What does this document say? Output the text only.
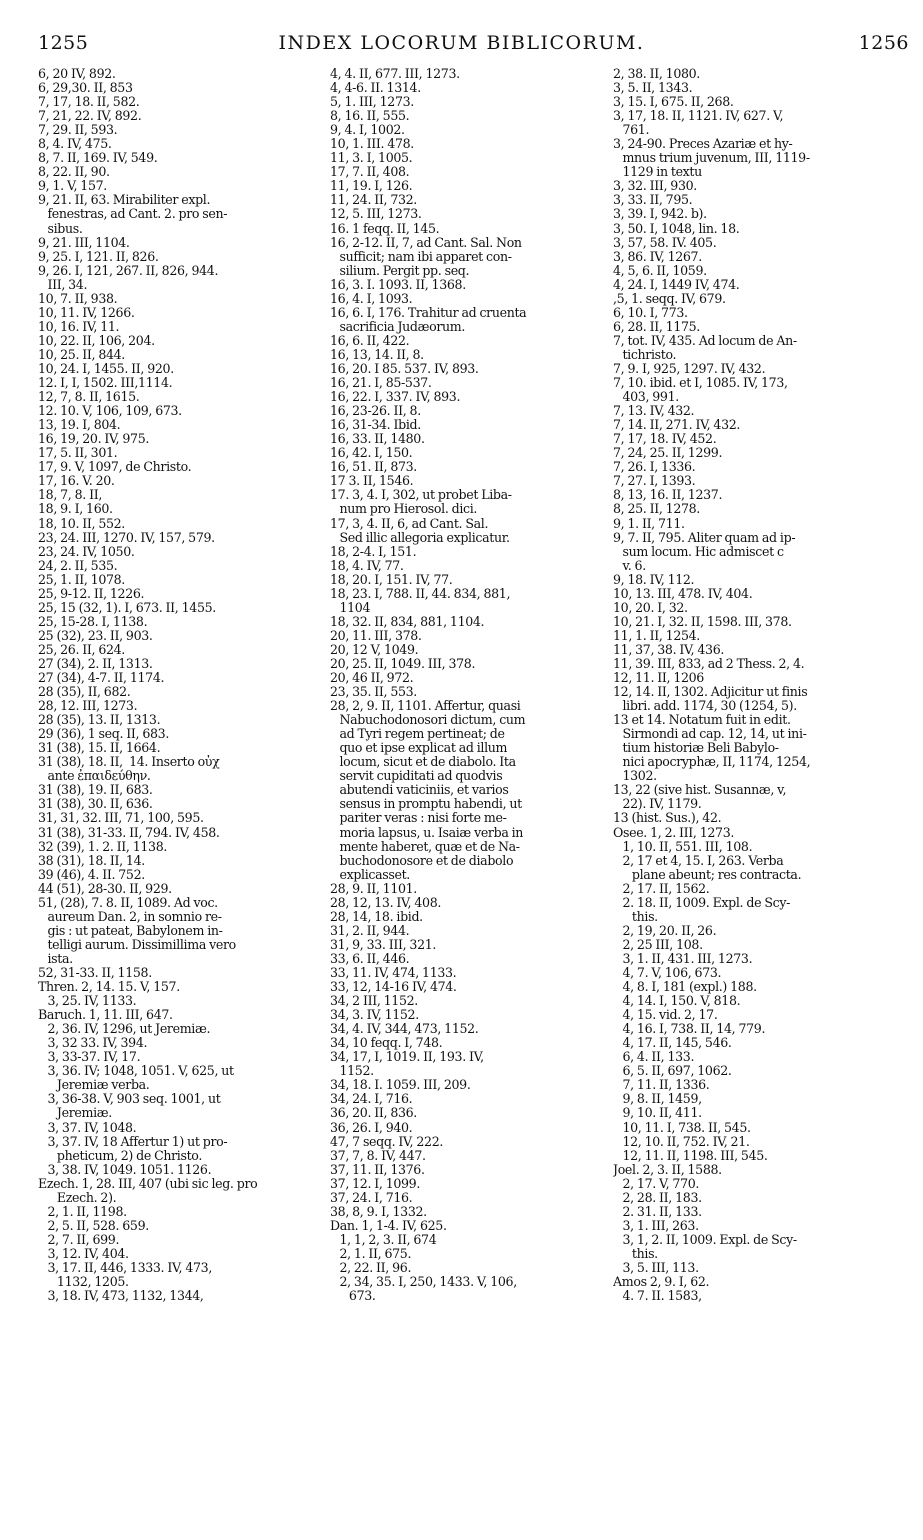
1255	INDEX LOCORUM BIBLICORUM.	1256
6, 20 IV, 892.
6, 29,30. II, 853
7, 17, 18. II, 582.
7, 21, 22. IV, 892.
7, 29. II, 593.
8, 4. IV, 475.
8, 7. II, 169. IV, 549.
8, 22. II, 90.
9, 1. V, 157.
9, 21. II, 63. Mirabiliter expl.
fenestras, ad Cant. 2. pro sen-
sibus.
9, 21. III, 1104.
9, 25. I, 121. II, 826.
9, 26. I, 121, 267. II, 826, 944.
III, 34.
10, 7. II, 938.
10, 11. IV, 1266.
10, 16. IV, 11.
10, 22. II, 106, 204.
10, 25. II, 844.
10, 24. I, 1455. II, 920.
12. I, I, 1502. III,1114.
12, 7, 8. II, 1615.
12. 10. V, 106, 109, 673.
13, 19. I, 804.
16, 19, 20. IV, 975.
17, 5. II, 301.
17, 9. V, 1097, de Christo.
17, 16. V. 20.
18, 7, 8. II,
18, 9. I, 160.
18, 10. II, 552.
23, 24. III, 1270. IV, 157, 579.
23, 24. IV, 1050.
24, 2. II, 535.
25, 1. II, 1078.
25, 9-12. II, 1226.
25, 15 (32, 1). I, 673. II, 1455.
25, 15-28. I, 1138.
25 (32), 23. II, 903.
25, 26. II, 624.
27 (34), 2. II, 1313.
27 (34), 4-7. II, 1174.
28 (35), II, 682.
28, 12. III, 1273.
28 (35), 13. II, 1313.
29 (36), 1 seq. II, 683.
31 (38), 15. II, 1664.
31 (38), 18. II,  14. Inserto οὐχ
ante ἐπαιδεύθην.
31 (38), 19. II, 683.
31 (38), 30. II, 636.
31, 31, 32. III, 71, 100, 595.
31 (38), 31-33. II, 794. IV, 458.
32 (39), 1. 2. II, 1138.
38 (31), 18. II, 14.
39 (46), 4. II. 752.
44 (51), 28-30. II, 929.
51, (28), 7. 8. II, 1089. Ad voc.
aureum Dan. 2, in somnio re-
gis : ut pateat, Babylonem in-
telligi aurum. Dissimillima vero
ista.
52, 31-33. II, 1158.
Thren. 2, 14. 15. V, 157.
3, 25. IV, 1133.
Baruch. 1, 11. III, 647.
2, 36. IV, 1296, ut Jeremiæ.
3, 32 33. IV, 394.
3, 33-37. IV, 17.
3, 36. IV; 1048, 1051. V, 625, ut
Jeremiæ verba.
3, 36-38. V, 903 seq. 1001, ut
Jeremiæ.
3, 37. IV, 1048.
3, 37. IV, 18 Affertur 1) ut pro-
pheticum, 2) de Christo.
3, 38. IV, 1049. 1051. 1126.
Ezech. 1, 28. III, 407 (ubi sic leg. pro
Ezech. 2).
2, 1. II, 1198.
2, 5. II, 528. 659.
2, 7. II, 699.
3, 12. IV, 404.
3, 17. II, 446, 1333. IV, 473,
1132, 1205.
3, 18. IV, 473, 1132, 1344,
4, 4. II, 677. III, 1273.
4, 4-6. II. 1314.
5, 1. III, 1273.
8, 16. II, 555.
9, 4. I, 1002.
10, 1. III. 478.
11, 3. I, 1005.
17, 7. II, 408.
11, 19. I, 126.
11, 24. II, 732.
12, 5. III, 1273.
16. 1 feqq. II, 145.
16, 2-12. II, 7, ad Cant. Sal. Non
sufficit; nam ibi apparet con-
silium. Pergit pp. seq.
16, 3. I. 1093. II, 1368.
16, 4. I, 1093.
16, 6. I, 176. Trahitur ad cruenta
sacrificia Judæorum.
16, 6. II, 422.
16, 13, 14. II, 8.
16, 20. I 85. 537. IV, 893.
16, 21. I, 85-537.
16, 22. I, 337. IV, 893.
16, 23-26. II, 8.
16, 31-34. Ibid.
16, 33. II, 1480.
16, 42. I, 150.
16, 51. II, 873.
17 3. II, 1546.
17. 3, 4. I, 302, ut probet Liba-
num pro Hierosol. dici.
17, 3, 4. II, 6, ad Cant. Sal.
Sed illic allegoria explicatur.
18, 2-4. I, 151.
18, 4. IV, 77.
18, 20. I, 151. IV, 77.
18, 23. I, 788. II, 44. 834, 881,
1104
18, 32. II, 834, 881, 1104.
20, 11. III, 378.
20, 12 V, 1049.
20, 25. II, 1049. III, 378.
20, 46 II, 972.
23, 35. II, 553.
28, 2, 9. II, 1101. Affertur, quasi
Nabuchodonosori dictum, cum
ad Tyri regem pertineat; de
quo et ipse explicat ad illum
locum, sicut et de diabolo. Ita
servit cupiditati ad quodvis
abutendi vaticiniis, et varios
sensus in promptu habendi, ut
pariter veras : nisi forte me-
moria lapsus, u. Isaiæ verba in
mente haberet, quæ et de Na-
buchodonosore et de diabolo
explicasset.
28, 9. II, 1101.
28, 12, 13. IV, 408.
28, 14, 18. ibid.
31, 2. II, 944.
31, 9, 33. III, 321.
33, 6. II, 446.
33, 11. IV, 474, 1133.
33, 12, 14-16 IV, 474.
34, 2 III, 1152.
34, 3. IV, 1152.
34, 4. IV, 344, 473, 1152.
34, 10 feqq. I, 748.
34, 17, I, 1019. II, 193. IV,
1152.
34, 18. I. 1059. III, 209.
34, 24. I, 716.
36, 20. II, 836.
36, 26. I, 940.
47, 7 seqq. IV, 222.
37, 7, 8. IV, 447.
37, 11. II, 1376.
37, 12. I, 1099.
37, 24. I, 716.
38, 8, 9. I, 1332.
Dan. 1, 1-4. IV, 625.
1, 1, 2, 3. II, 674
2, 1. II, 675.
2, 22. II, 96.
2, 34, 35. I, 250, 1433. V, 106,
673.
2, 38. II, 1080.
3, 5. II, 1343.
3, 15. I, 675. II, 268.
3, 17, 18. II, 1121. IV, 627. V,
761.
3, 24-90. Preces Azariæ et hy-
mnus trium juvenum, III, 1119-
1129 in textu
3, 32. III, 930.
3, 33. II, 795.
3, 39. I, 942. b).
3, 50. I, 1048, lin. 18.
3, 57, 58. IV. 405.
3, 86. IV, 1267.
4, 5, 6. II, 1059.
4, 24. I, 1449 IV, 474.
,5, 1. seqq. IV, 679.
6, 10. I, 773.
6, 28. II, 1175.
7, tot. IV, 435. Ad locum de An-
tichristo.
7, 9. I, 925, 1297. IV, 432.
7, 10. ibid. et I, 1085. IV, 173,
403, 991.
7, 13. IV, 432.
7, 14. II, 271. IV, 432.
7, 17, 18. IV, 452.
7, 24, 25. II, 1299.
7, 26. I, 1336.
7, 27. I, 1393.
8, 13, 16. II, 1237.
8, 25. II, 1278.
9, 1. II, 711.
9, 7. II, 795. Aliter quam ad ip-
sum locum. Hic admiscet c
v. 6.
9, 18. IV, 112.
10, 13. III, 478. IV, 404.
10, 20. I, 32.
10, 21. I, 32. II, 1598. III, 378.
11, 1. II, 1254.
11, 37, 38. IV, 436.
11, 39. III, 833, ad 2 Thess. 2, 4.
12, 11. II, 1206
12, 14. II, 1302. Adjicitur ut finis
libri. add. 1174, 30 (1254, 5).
13 et 14. Notatum fuit in edit.
Sirmondi ad cap. 12, 14, ut ini-
tium historiæ Beli Babylo-
nici apocryphæ, II, 1174, 1254,
1302.
13, 22 (sive hist. Susannæ, v,
22). IV, 1179.
13 (hist. Sus.), 42.
Osee. 1, 2. III, 1273.
1, 10. II, 551. III, 108.
2, 17 et 4, 15. I, 263. Verba
plane abeunt; res contracta.
2, 17. II, 1562.
2. 18. II, 1009. Expl. de Scy-
this.
2, 19, 20. II, 26.
2, 25 III, 108.
3, 1. II, 431. III, 1273.
4, 7. V, 106, 673.
4, 8. I, 181 (expl.) 188.
4, 14. I, 150. V, 818.
4, 15. vid. 2, 17.
4, 16. I, 738. II, 14, 779.
4, 17. II, 145, 546.
6, 4. II, 133.
6, 5. II, 697, 1062.
7, 11. II, 1336.
9, 8. II, 1459,
9, 10. II, 411.
10, 11. I, 738. II, 545.
12, 10. II, 752. IV, 21.
12, 11. II, 1198. III, 545.
Joel. 2, 3. II, 1588.
2, 17. V, 770.
2, 28. II, 183.
2. 31. II, 133.
3, 1. III, 263.
3, 1, 2. II, 1009. Expl. de Scy-
this.
3, 5. III, 113.
Amos 2, 9. I, 62.
4. 7. II. 1583,
